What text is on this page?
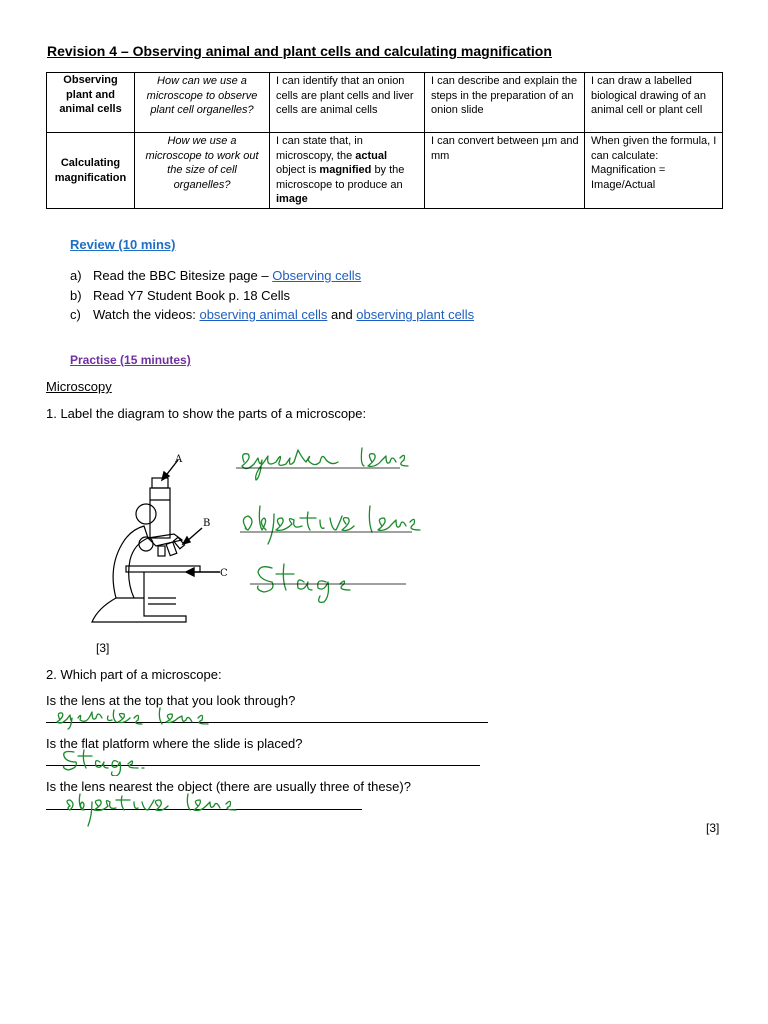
Revision 4 – Observing animal and plant cells and calculating magnification
Observing plant and animal cells	How can we use a microscope to observe plant cell organelles?	I can identify that an onion cells are plant cells and liver cells are animal cells	I can describe and explain the steps in the preparation of an onion slide	I can draw a labelled biological drawing of an animal cell or plant cell
Calculating magnification	How we use a microscope to work out the size of cell organelles?	I can state that, in microscopy, the actual object is magnified by the microscope to produce an image	I can convert between µm and mm	When given the formula, I can calculate: Magnification = Image/Actual
Review (10 mins)
a) Read the BBC Bitesize page – Observing cells
b) Read Y7 Student Book p. 18 Cells
c) Watch the videos: observing animal cells and observing plant cells
Practise (15 minutes)
Microscopy
1. Label the diagram to show the parts of a microscope:
A
B
C
[3]
2. Which part of a microscope:
Is the lens at the top that you look through?
Is the flat platform where the slide is placed?
Is the lens nearest the object (there are usually three of these)?
[3]
